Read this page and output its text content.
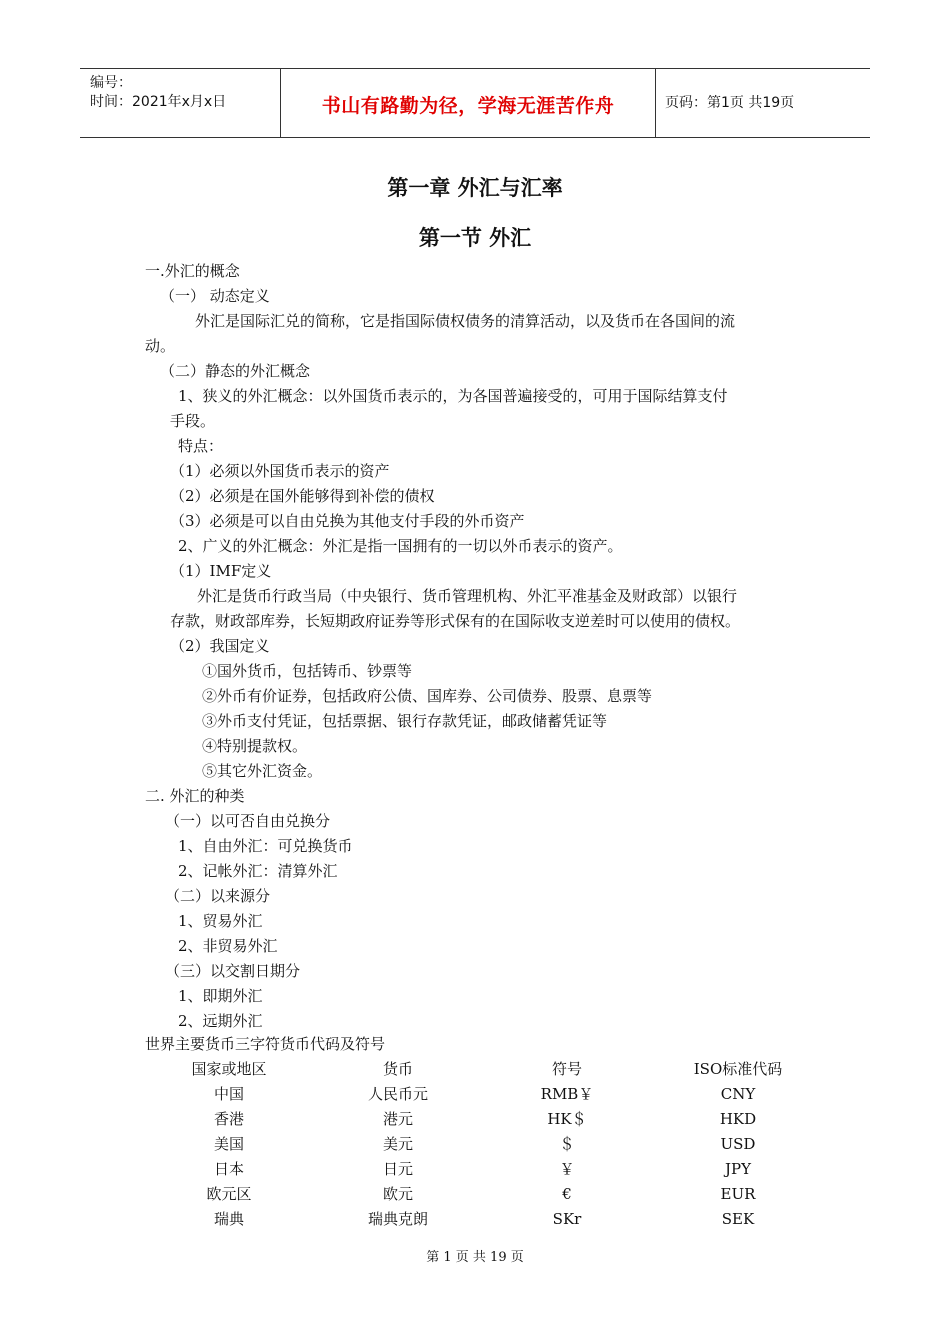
编号：
时间：2021年x月x日	书山有路勤为径，学海无涯苦作舟	页码：第1页 共19页
第一章 外汇与汇率
第一节 外汇
一.外汇的概念
（一） 动态定义
外汇是国际汇兑的简称，它是指国际债权债务的清算活动，以及货币在各国间的流
动。
（二）静态的外汇概念
1、狭义的外汇概念：以外国货币表示的，为各国普遍接受的，可用于国际结算支付
手段。
特点：
（1）必须以外国货币表示的资产
（2）必须是在国外能够得到补偿的债权
（3）必须是可以自由兑换为其他支付手段的外币资产
2、广义的外汇概念：外汇是指一国拥有的一切以外币表示的资产。
（1）IMF定义
外汇是货币行政当局（中央银行、货币管理机构、外汇平准基金及财政部）以银行
存款，财政部库券，长短期政府证券等形式保有的在国际收支逆差时可以使用的债权。
（2）我国定义
①国外货币，包括铸币、钞票等
②外币有价证券，包括政府公债、国库券、公司债券、股票、息票等
③外币支付凭证，包括票据、银行存款凭证，邮政储蓄凭证等
④特别提款权。
⑤其它外汇资金。
二. 外汇的种类
（一）以可否自由兑换分
1、自由外汇：可兑换货币
2、记帐外汇：清算外汇
（二）以来源分
1、贸易外汇
2、非贸易外汇
（三）以交割日期分
1、即期外汇
2、远期外汇
世界主要货币三字符货币代码及符号
国家或地区	货币	符号	ISO标准代码
中国	人民币元	RMB￥	CNY
香港	港元	HK＄	HKD
美国	美元	＄	USD
日本	日元	￥	JPY
欧元区	欧元	€	EUR
瑞典	瑞典克朗	SKr	SEK
第 1 页 共 19 页
